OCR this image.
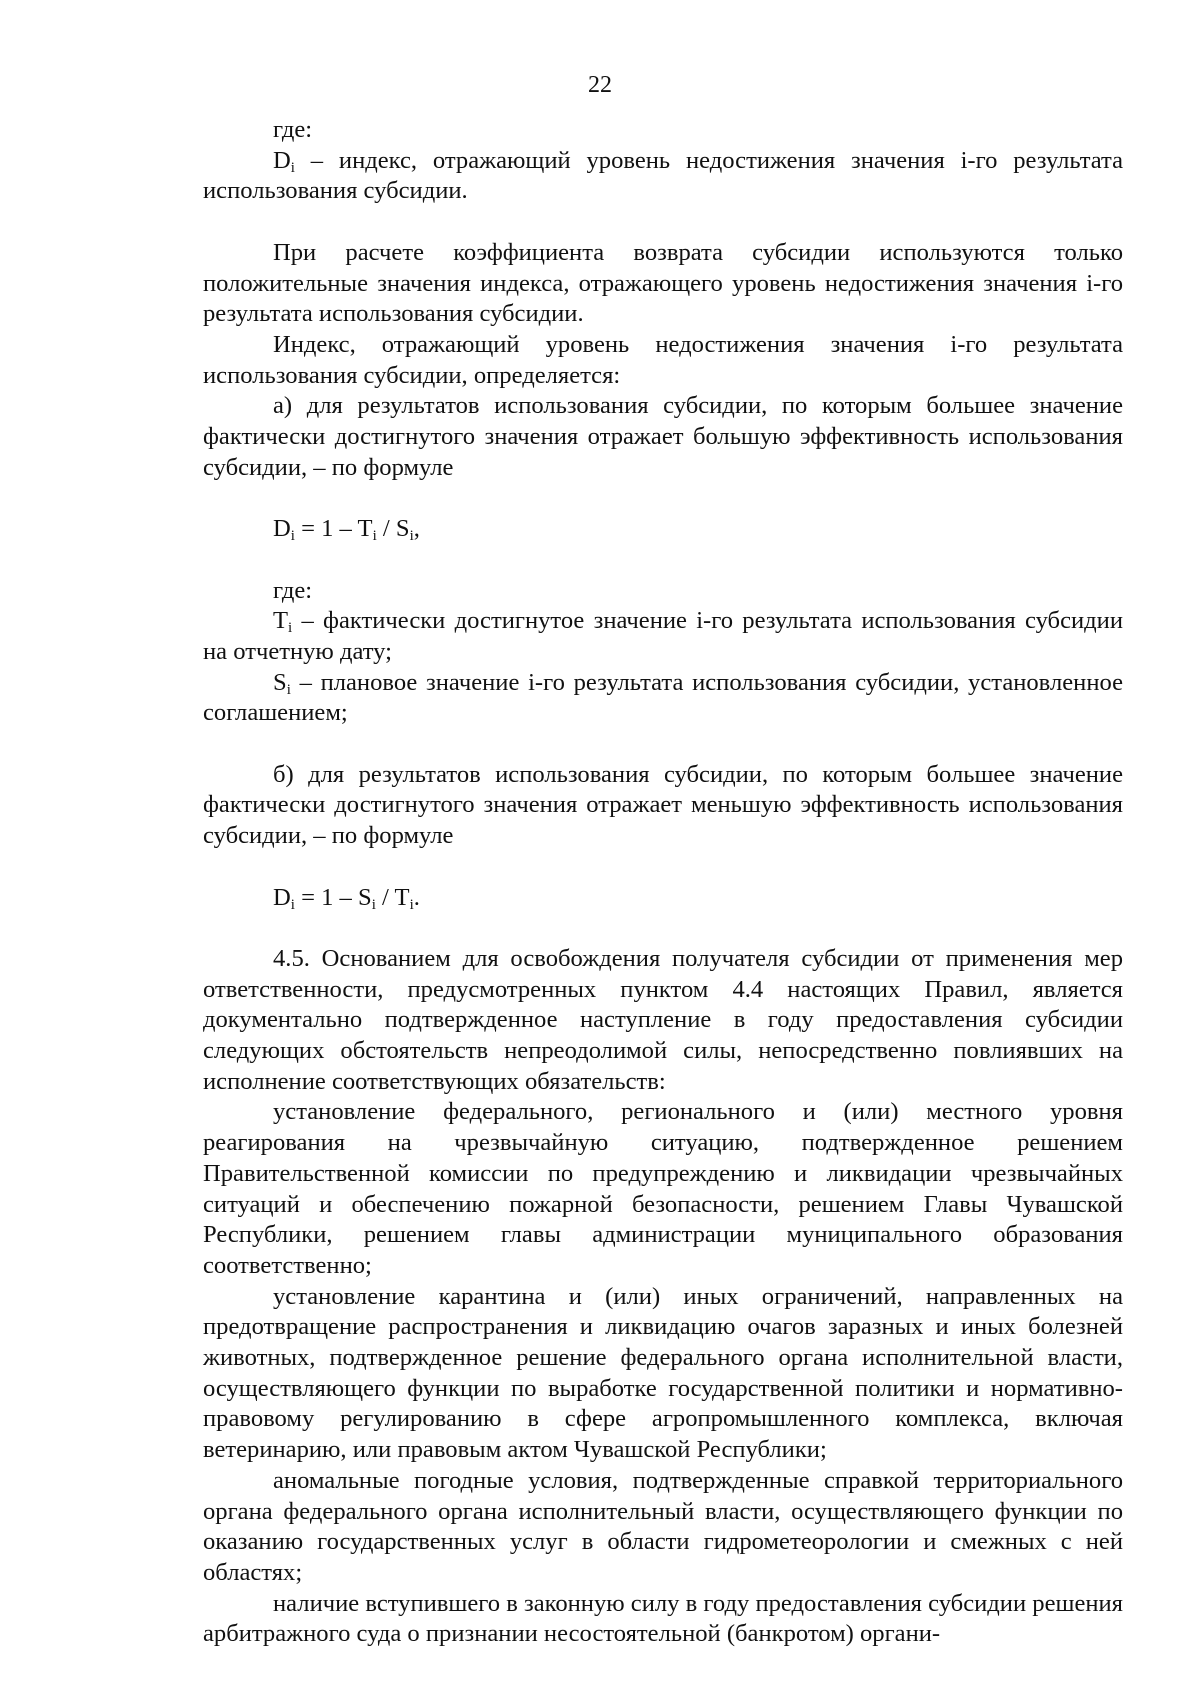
22

где:

$D_i$ – индекс, отражающий уровень недостижения значения i-го результата использования субсидии.

При расчете коэффициента возврата субсидии используются только положительные значения индекса, отражающего уровень недостижения значения i-го результата использования субсидии.

Индекс, отражающий уровень недостижения значения i-го результата использования субсидии, определяется:

а) для результатов использования субсидии, по которым большее значение фактически достигнутого значения отражает большую эффективность использования субсидии, – по формуле

$D_i = 1 - T_i / S_i$,

где:

$T_i$ – фактически достигнутое значение i-го результата использования субсидии на отчетную дату;

$S_i$ – плановое значение i-го результата использования субсидии, установленное соглашением;

б) для результатов использования субсидии, по которым большее значение фактически достигнутого значения отражает меньшую эффективность использования субсидии, – по формуле

$D_i = 1 - S_i / T_i$.

4.5. Основанием для освобождения получателя субсидии от применения мер ответственности, предусмотренных пунктом 4.4 настоящих Правил, является документально подтвержденное наступление в году предоставления субсидии следующих обстоятельств непреодолимой силы, непосредственно повлиявших на исполнение соответствующих обязательств:

установление федерального, регионального и (или) местного уровня реагирования на чрезвычайную ситуацию, подтвержденное решением Правительственной комиссии по предупреждению и ликвидации чрезвычайных ситуаций и обеспечению пожарной безопасности, решением Главы Чувашской Республики, решением главы администрации муниципального образования соответственно;

установление карантина и (или) иных ограничений, направленных на предотвращение распространения и ликвидацию очагов заразных и иных болезней животных, подтвержденное решение федерального органа исполнительной власти, осуществляющего функции по выработке государственной политики и нормативно-правовому регулированию в сфере агропромышленного комплекса, включая ветеринарию, или правовым актом Чувашской Республики;

аномальные погодные условия, подтвержденные справкой территориального органа федерального органа исполнительный власти, осуществляющего функции по оказанию государственных услуг в области гидрометеорологии и смежных с ней областях;

наличие вступившего в законную силу в году предоставления субсидии решения арбитражного суда о признании несостоятельной (банкротом) органи-
